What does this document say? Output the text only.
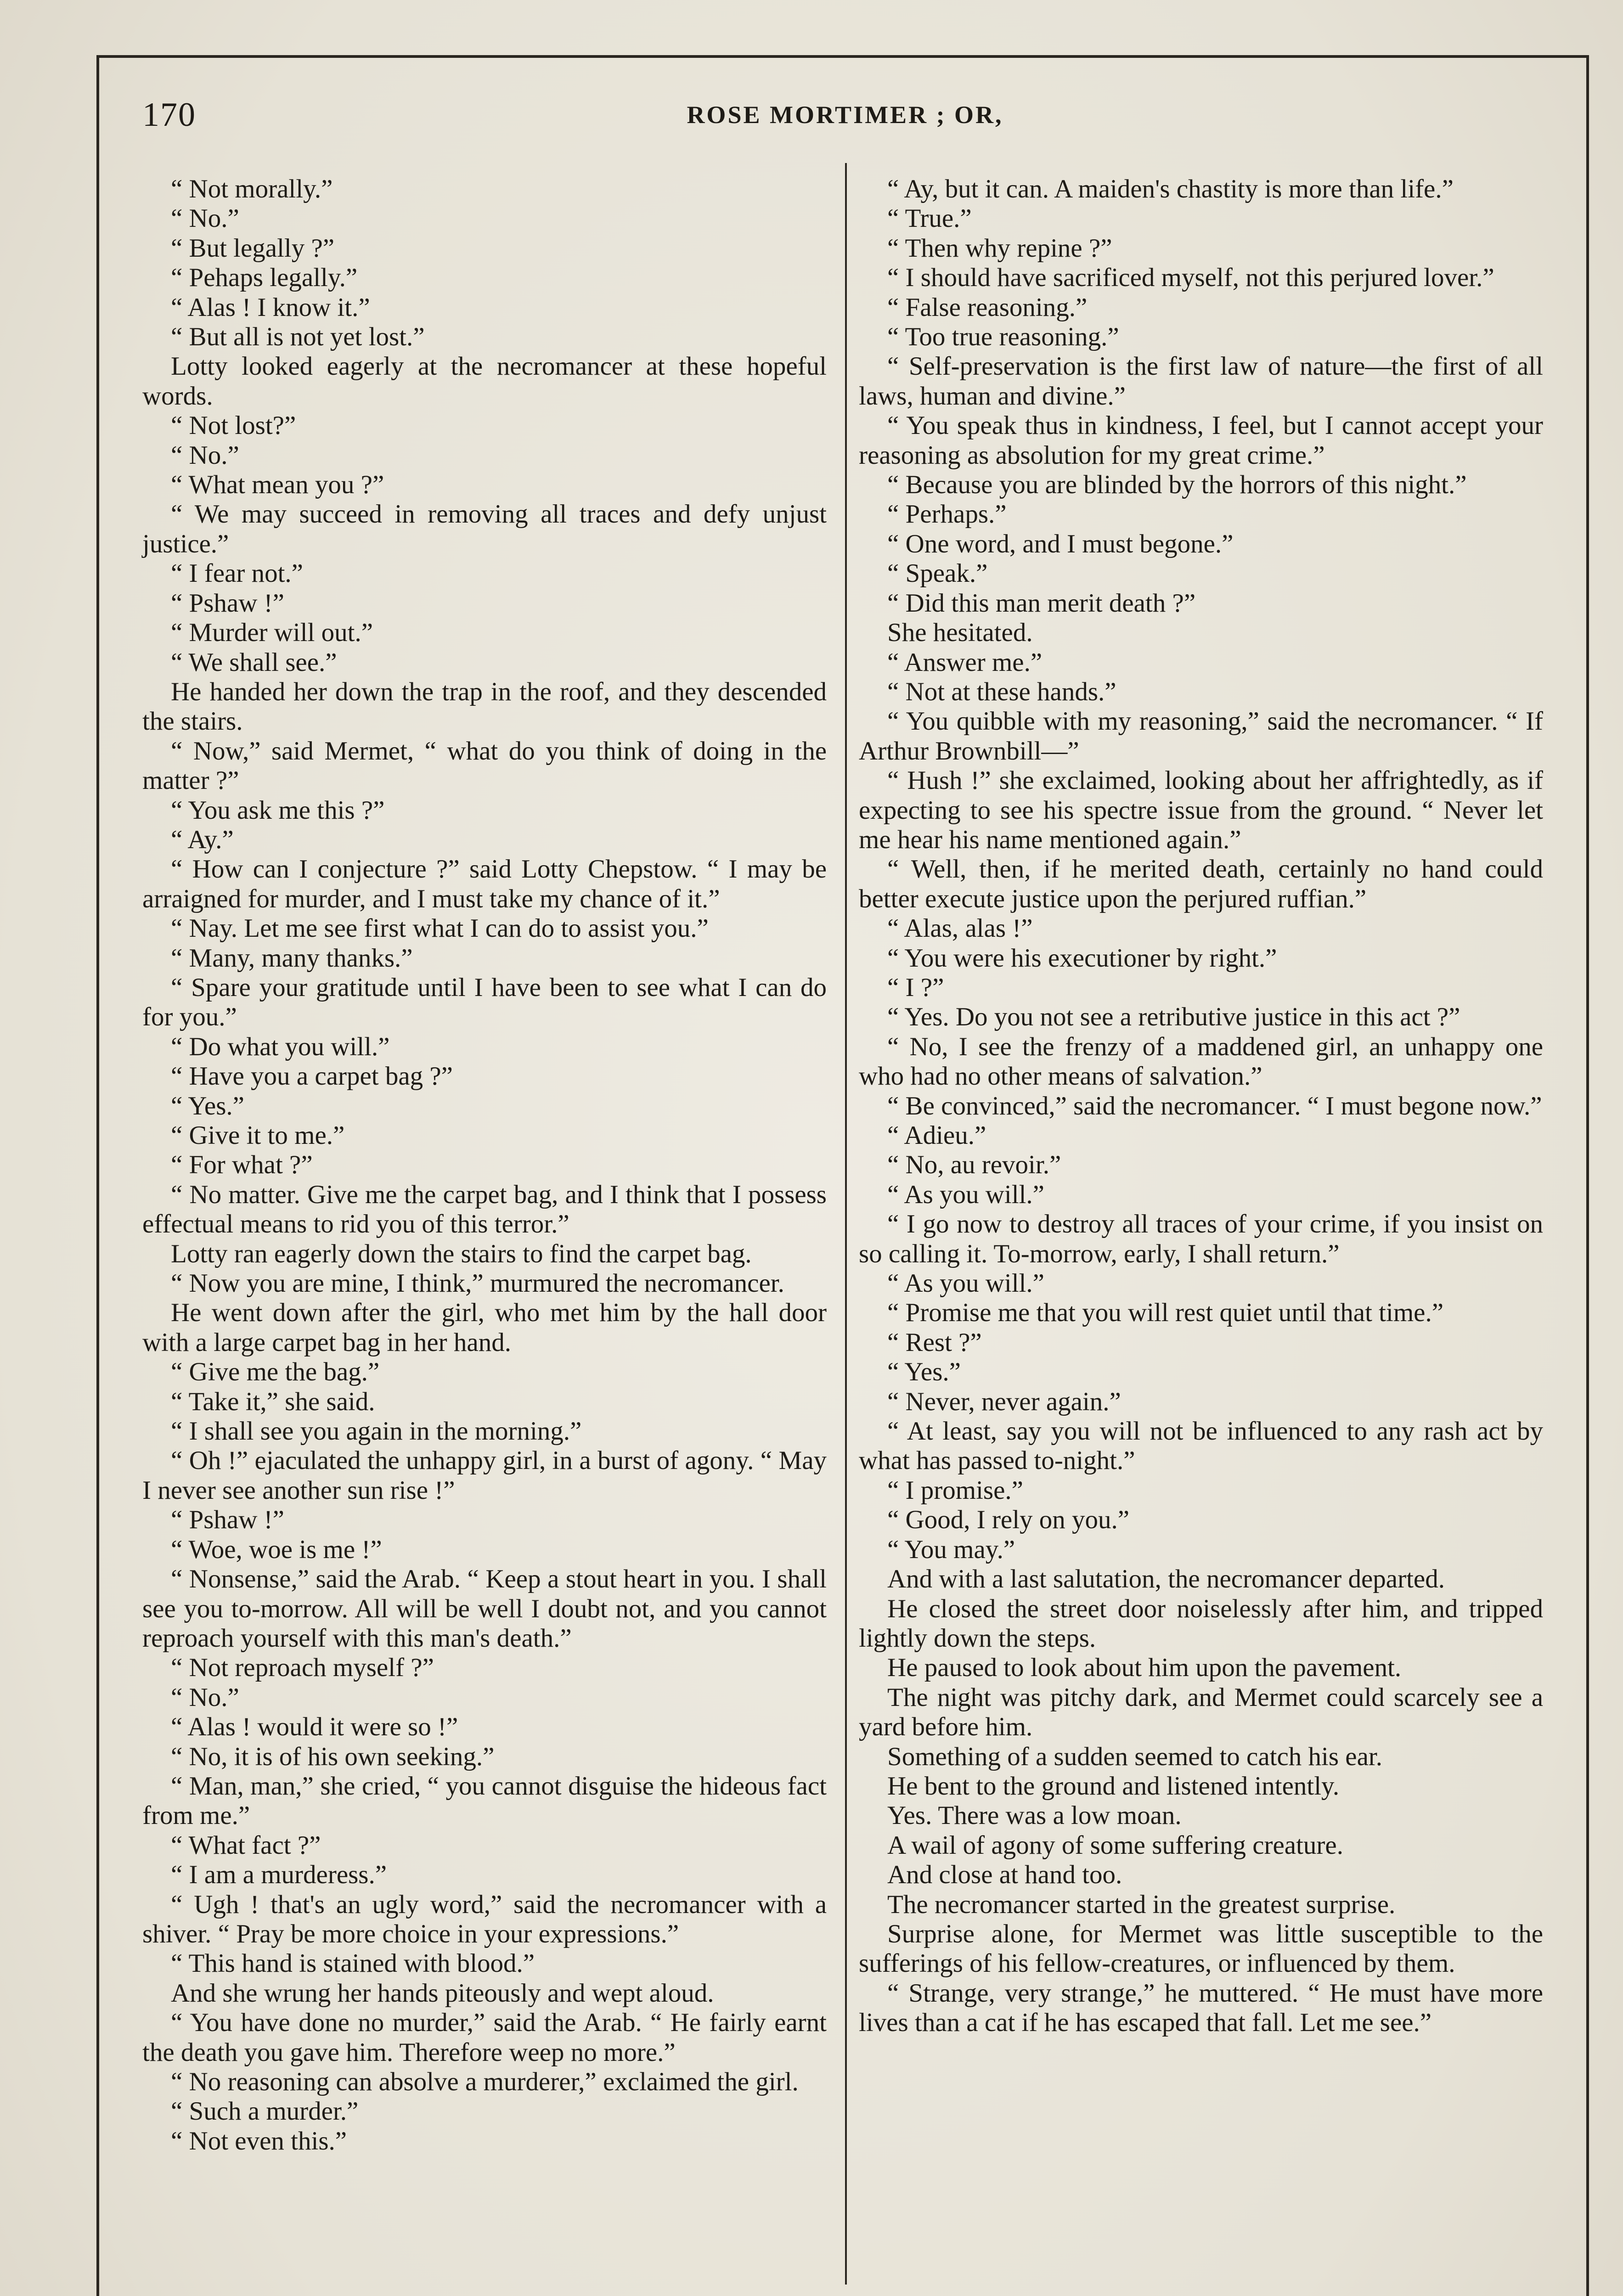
170	ROSE MORTIMER ; OR,

“ Not morally.”

“ No.”

“ But legally ?”

“ Pehaps legally.”

“ Alas ! I know it.”

“ But all is not yet lost.”

Lotty looked eagerly at the necromancer at these hopeful words.

“ Not lost?”

“ No.”

“ What mean you ?”

“ We may succeed in removing all traces and defy unjust justice.”

“ I fear not.”

“ Pshaw !”

“ Murder will out.”

“ We shall see.”

He handed her down the trap in the roof, and they descended the stairs.

“ Now,” said Mermet, “ what do you think of doing in the matter ?”

“ You ask me this ?”

“ Ay.”

“ How can I conjecture ?” said Lotty Chepstow. “ I may be arraigned for murder, and I must take my chance of it.”

“ Nay. Let me see first what I can do to assist you.”

“ Many, many thanks.”

“ Spare your gratitude until I have been to see what I can do for you.”

“ Do what you will.”

“ Have you a carpet bag ?”

“ Yes.”

“ Give it to me.”

“ For what ?”

“ No matter. Give me the carpet bag, and I think that I possess effectual means to rid you of this terror.”

Lotty ran eagerly down the stairs to find the carpet bag.

“ Now you are mine, I think,” murmured the necromancer.

He went down after the girl, who met him by the hall door with a large carpet bag in her hand.

“ Give me the bag.”

“ Take it,” she said.

“ I shall see you again in the morning.”

“ Oh !” ejaculated the unhappy girl, in a burst of agony. “ May I never see another sun rise !”

“ Pshaw !”

“ Woe, woe is me !”

“ Nonsense,” said the Arab. “ Keep a stout heart in you. I shall see you to-morrow. All will be well I doubt not, and you cannot reproach yourself with this man's death.”

“ Not reproach myself ?”

“ No.”

“ Alas ! would it were so !”

“ No, it is of his own seeking.”

“ Man, man,” she cried, “ you cannot disguise the hideous fact from me.”

“ What fact ?”

“ I am a murderess.”

“ Ugh ! that's an ugly word,” said the necromancer with a shiver. “ Pray be more choice in your expressions.”

“ This hand is stained with blood.”

And she wrung her hands piteously and wept aloud.

“ You have done no murder,” said the Arab. “ He fairly earnt the death you gave him. Therefore weep no more.”

“ No reasoning can absolve a murderer,” exclaimed the girl.

“ Such a murder.”

“ Not even this.”

“ Ay, but it can. A maiden's chastity is more than life.”

“ True.”

“ Then why repine ?”

“ I should have sacrificed myself, not this perjured lover.”

“ False reasoning.”

“ Too true reasoning.”

“ Self-preservation is the first law of nature—the first of all laws, human and divine.”

“ You speak thus in kindness, I feel, but I cannot accept your reasoning as absolution for my great crime.”

“ Because you are blinded by the horrors of this night.”

“ Perhaps.”

“ One word, and I must begone.”

“ Speak.”

“ Did this man merit death ?”

She hesitated.

“ Answer me.”

“ Not at these hands.”

“ You quibble with my reasoning,” said the necromancer. “ If Arthur Brownbill—”

“ Hush !” she exclaimed, looking about her affrightedly, as if expecting to see his spectre issue from the ground. “ Never let me hear his name mentioned again.”

“ Well, then, if he merited death, certainly no hand could better execute justice upon the perjured ruffian.”

“ Alas, alas !”

“ You were his executioner by right.”

“ I ?”

“ Yes. Do you not see a retributive justice in this act ?”

“ No, I see the frenzy of a maddened girl, an unhappy one who had no other means of salvation.”

“ Be convinced,” said the necromancer. “ I must begone now.”

“ Adieu.”

“ No, au revoir.”

“ As you will.”

“ I go now to destroy all traces of your crime, if you insist on so calling it. To-morrow, early, I shall return.”

“ As you will.”

“ Promise me that you will rest quiet until that time.”

“ Rest ?”

“ Yes.”

“ Never, never again.”

“ At least, say you will not be influenced to any rash act by what has passed to-night.”

“ I promise.”

“ Good, I rely on you.”

“ You may.”

And with a last salutation, the necromancer departed.

He closed the street door noiselessly after him, and tripped lightly down the steps.

He paused to look about him upon the pavement.

The night was pitchy dark, and Mermet could scarcely see a yard before him.

Something of a sudden seemed to catch his ear.

He bent to the ground and listened intently.

Yes. There was a low moan.

A wail of agony of some suffering creature.

And close at hand too.

The necromancer started in the greatest surprise.

Surprise alone, for Mermet was little susceptible to the sufferings of his fellow-creatures, or influenced by them.

“ Strange, very strange,” he muttered. “ He must have more lives than a cat if he has escaped that fall. Let me see.”
